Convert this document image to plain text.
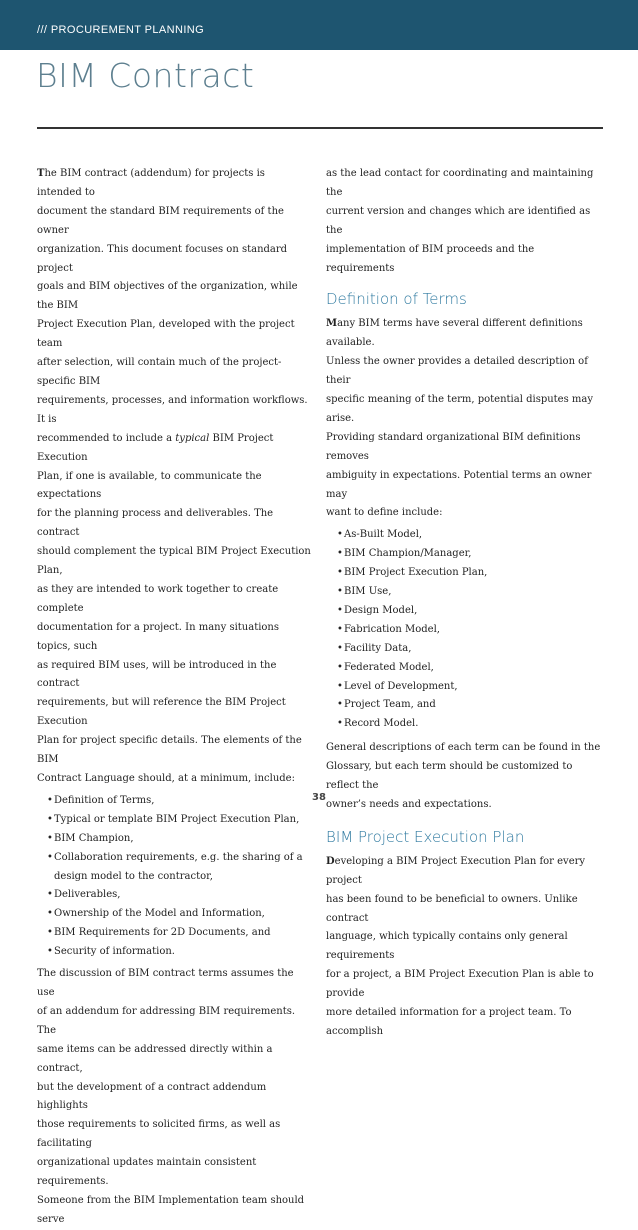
/// PROCUREMENT PLANNING
BIM Contract

The BIM contract (addendum) for projects is intended to
document the standard BIM requirements of the owner
organization. This document focuses on standard project
goals and BIM objectives of the organization, while the BIM
Project Execution Plan, developed with the project team
after selection, will contain much of the project-specific BIM
requirements, processes, and information workflows. It is
recommended to include a typical BIM Project Execution
Plan, if one is available, to communicate the expectations
for the planning process and deliverables. The contract
should complement the typical BIM Project Execution Plan,
as they are intended to work together to create complete
documentation for a project. In many situations topics, such
as required BIM uses, will be introduced in the contract
requirements, but will reference the BIM Project Execution
Plan for project specific details. The elements of the BIM
Contract Language should, at a minimum, include:

•Definition of Terms,
•Typical or template BIM Project Execution Plan,
•BIM Champion,
•Collaboration requirements, e.g. the sharing of a
design model to the contractor,
•Deliverables,
•Ownership of the Model and Information,
•BIM Requirements for 2D Documents, and
•Security of information.

The discussion of BIM contract terms assumes the use
of an addendum for addressing BIM requirements. The
same items can be addressed directly within a contract,
but the development of a contract addendum highlights
those requirements to solicited firms, as well as facilitating
organizational updates maintain consistent requirements.
Someone from the BIM Implementation team should serve

as the lead contact for coordinating and maintaining the
current version and changes which are identified as the
implementation of BIM proceeds and the requirements

Definition of Terms

Many BIM terms have several different definitions available.
Unless the owner provides a detailed description of their
specific meaning of the term, potential disputes may arise.
Providing standard organizational BIM definitions removes
ambiguity in expectations. Potential terms an owner may
want to define include:

•As-Built Model,
•BIM Champion/Manager,
•BIM Project Execution Plan,
•BIM Use,
•Design Model,
•Fabrication Model,
•Facility Data,
•Federated Model,
•Level of Development,
•Project Team, and
•Record Model.

General descriptions of each term can be found in the
Glossary, but each term should be customized to reflect the
owner’s needs and expectations.

BIM Project Execution Plan

Developing a BIM Project Execution Plan for every project
has been found to be beneficial to owners. Unlike contract
language, which typically contains only general requirements
for a project, a BIM Project Execution Plan is able to provide
more detailed information for a project team. To accomplish

38
